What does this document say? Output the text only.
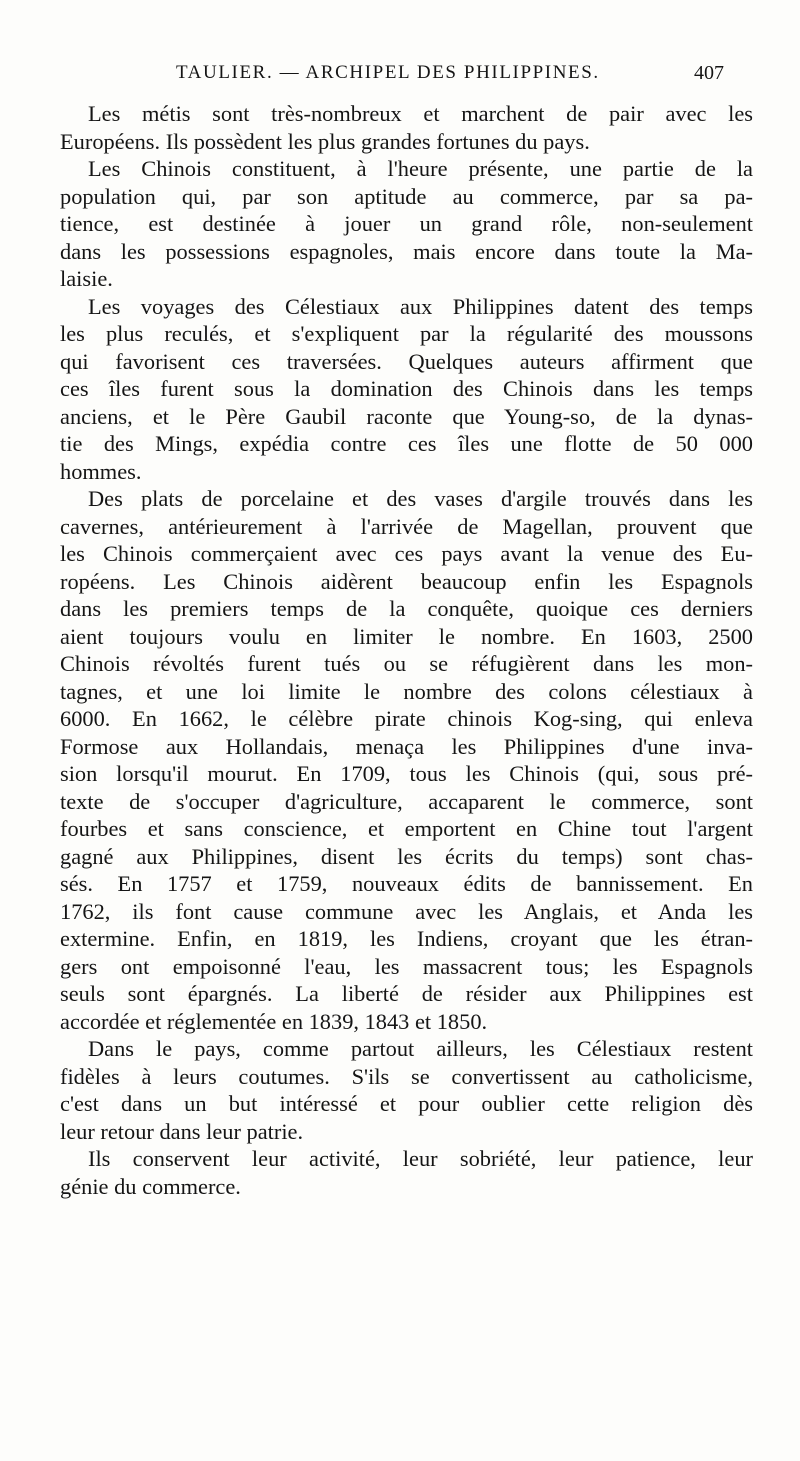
TAULIER. — ARCHIPEL DES PHILIPPINES.	407

Les métis sont très-nombreux et marchent de pair avec les
Européens. Ils possèdent les plus grandes fortunes du pays.

Les Chinois constituent, à l'heure présente, une partie de la
population qui, par son aptitude au commerce, par sa pa-
tience, est destinée à jouer un grand rôle, non-seulement
dans les possessions espagnoles, mais encore dans toute la Ma-
laisie.

Les voyages des Célestiaux aux Philippines datent des temps
les plus reculés, et s'expliquent par la régularité des moussons
qui favorisent ces traversées. Quelques auteurs affirment que
ces îles furent sous la domination des Chinois dans les temps
anciens, et le Père Gaubil raconte que Young-so, de la dynas-
tie des Mings, expédia contre ces îles une flotte de 50 000
hommes.

Des plats de porcelaine et des vases d'argile trouvés dans les
cavernes, antérieurement à l'arrivée de Magellan, prouvent que
les Chinois commerçaient avec ces pays avant la venue des Eu-
ropéens. Les Chinois aidèrent beaucoup enfin les Espagnols
dans les premiers temps de la conquête, quoique ces derniers
aient toujours voulu en limiter le nombre. En 1603, 2500
Chinois révoltés furent tués ou se réfugièrent dans les mon-
tagnes, et une loi limite le nombre des colons célestiaux à
6000. En 1662, le célèbre pirate chinois Kog-sing, qui enleva
Formose aux Hollandais, menaça les Philippines d'une inva-
sion lorsqu'il mourut. En 1709, tous les Chinois (qui, sous pré-
texte de s'occuper d'agriculture, accaparent le commerce, sont
fourbes et sans conscience, et emportent en Chine tout l'argent
gagné aux Philippines, disent les écrits du temps) sont chas-
sés. En 1757 et 1759, nouveaux édits de bannissement. En
1762, ils font cause commune avec les Anglais, et Anda les
extermine. Enfin, en 1819, les Indiens, croyant que les étran-
gers ont empoisonné l'eau, les massacrent tous; les Espagnols
seuls sont épargnés. La liberté de résider aux Philippines est
accordée et réglementée en 1839, 1843 et 1850.

Dans le pays, comme partout ailleurs, les Célestiaux restent
fidèles à leurs coutumes. S'ils se convertissent au catholicisme,
c'est dans un but intéressé et pour oublier cette religion dès
leur retour dans leur patrie.

Ils conservent leur activité, leur sobriété, leur patience, leur
génie du commerce.
